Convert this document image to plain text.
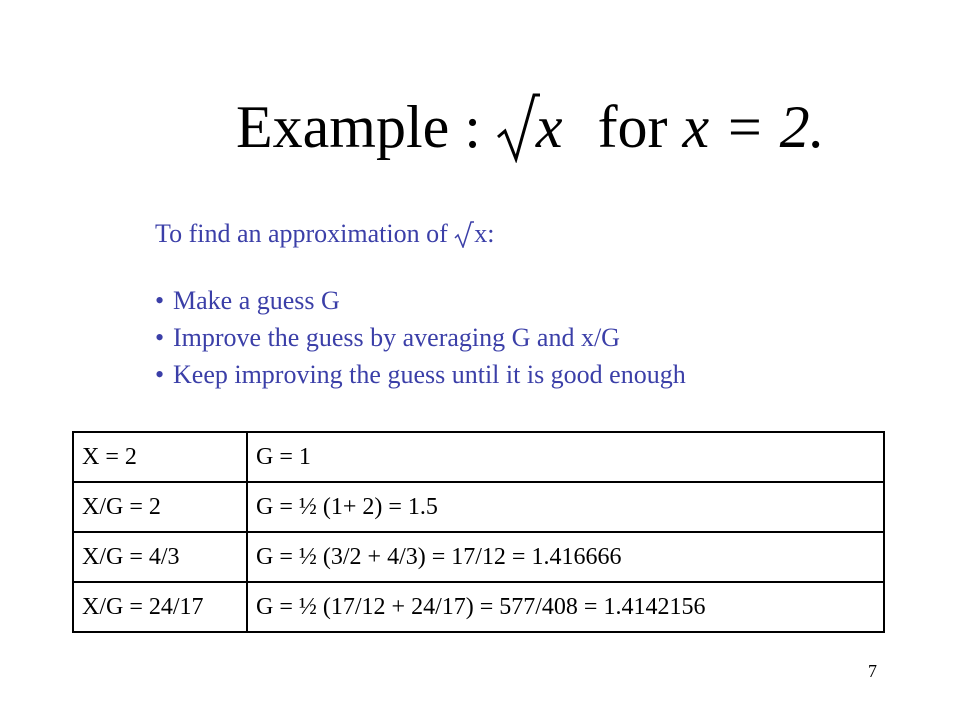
Example : x for x = 2.
To find an approximation of x:
• Make a guess G
• Improve the guess by averaging G and x/G
• Keep improving the guess until it is good enough
X = 2	G = 1
X/G = 2	G = ½ (1+ 2) = 1.5
X/G = 4/3	G = ½ (3/2 + 4/3) = 17/12 = 1.416666
X/G = 24/17	G = ½ (17/12 + 24/17) = 577/408 = 1.4142156
7
